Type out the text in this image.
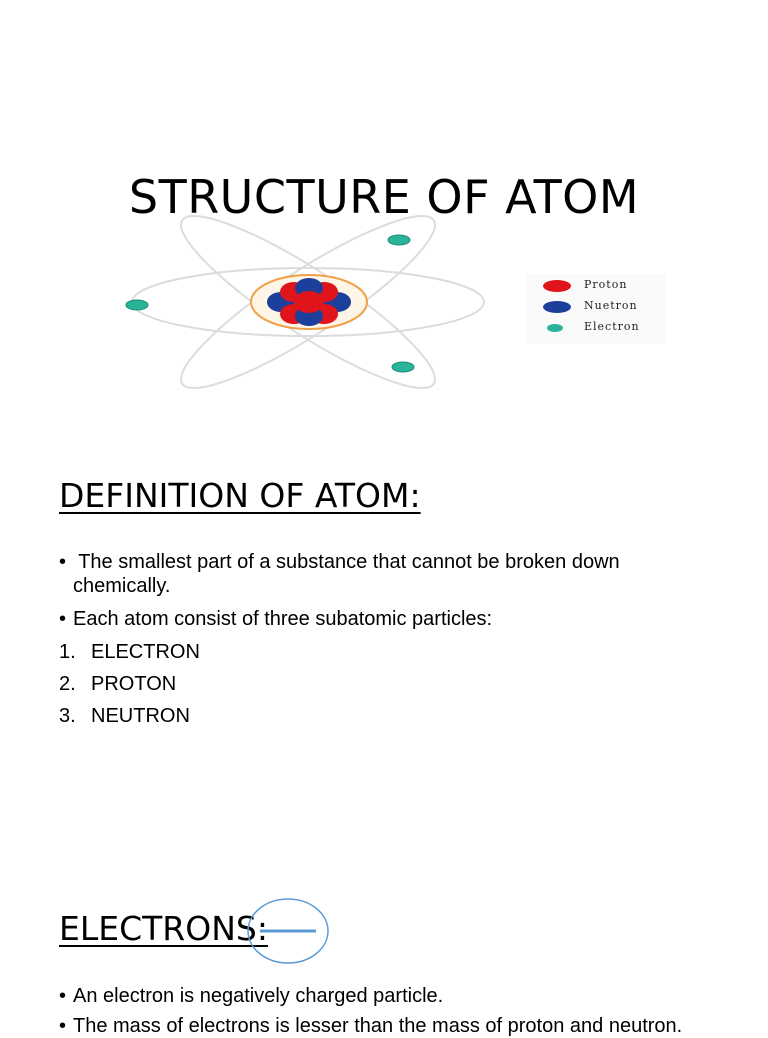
STRUCTURE OF ATOM
Proton
Nuetron
Electron
DEFINITION OF ATOM:
• The smallest part of a substance that cannot be broken down
chemically.
• Each atom consist of three subatomic particles:
1. ELECTRON
2. PROTON
3. NEUTRON
ELECTRONS:
• An electron is negatively charged particle.
• The mass of electrons is lesser than the mass of proton and neutron.
